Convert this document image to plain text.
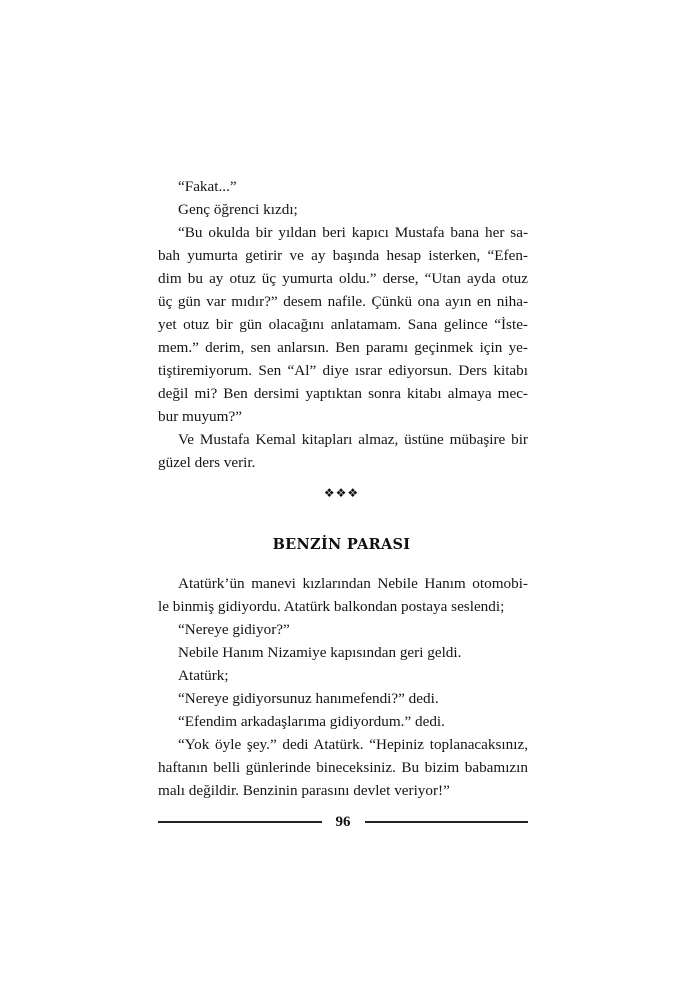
“Fakat...”
Genç öğrenci kızdı;
“Bu okulda bir yıldan beri kapıcı Mustafa bana her sa-
bah yumurta getirir ve ay başında hesap isterken, “Efen-
dim bu ay otuz üç yumurta oldu.” derse, “Utan ayda otuz
üç gün var mıdır?” desem nafile. Çünkü ona ayın en niha-
yet otuz bir gün olacağını anlatamam. Sana gelince “İste-
mem.” derim, sen anlarsın. Ben paramı geçinmek için ye-
tiştiremiyorum. Sen “Al” diye ısrar ediyorsun. Ders kitabı
değil mi? Ben dersimi yaptıktan sonra kitabı almaya mec-
bur muyum?”
Ve Mustafa Kemal kitapları almaz, üstüne mübaşire bir
güzel ders verir.
❖❖❖
BENZİN PARASI
Atatürk’ün manevi kızlarından Nebile Hanım otomobi-
le binmiş gidiyordu. Atatürk balkondan postaya seslendi;
“Nereye gidiyor?”
Nebile Hanım Nizamiye kapısından geri geldi.
Atatürk;
“Nereye gidiyorsunuz hanımefendi?” dedi.
“Efendim arkadaşlarıma gidiyordum.” dedi.
“Yok öyle şey.” dedi Atatürk. “Hepiniz toplanacaksınız,
haftanın belli günlerinde bineceksiniz. Bu bizim babamızın
malı değildir. Benzinin parasını devlet veriyor!”
96
